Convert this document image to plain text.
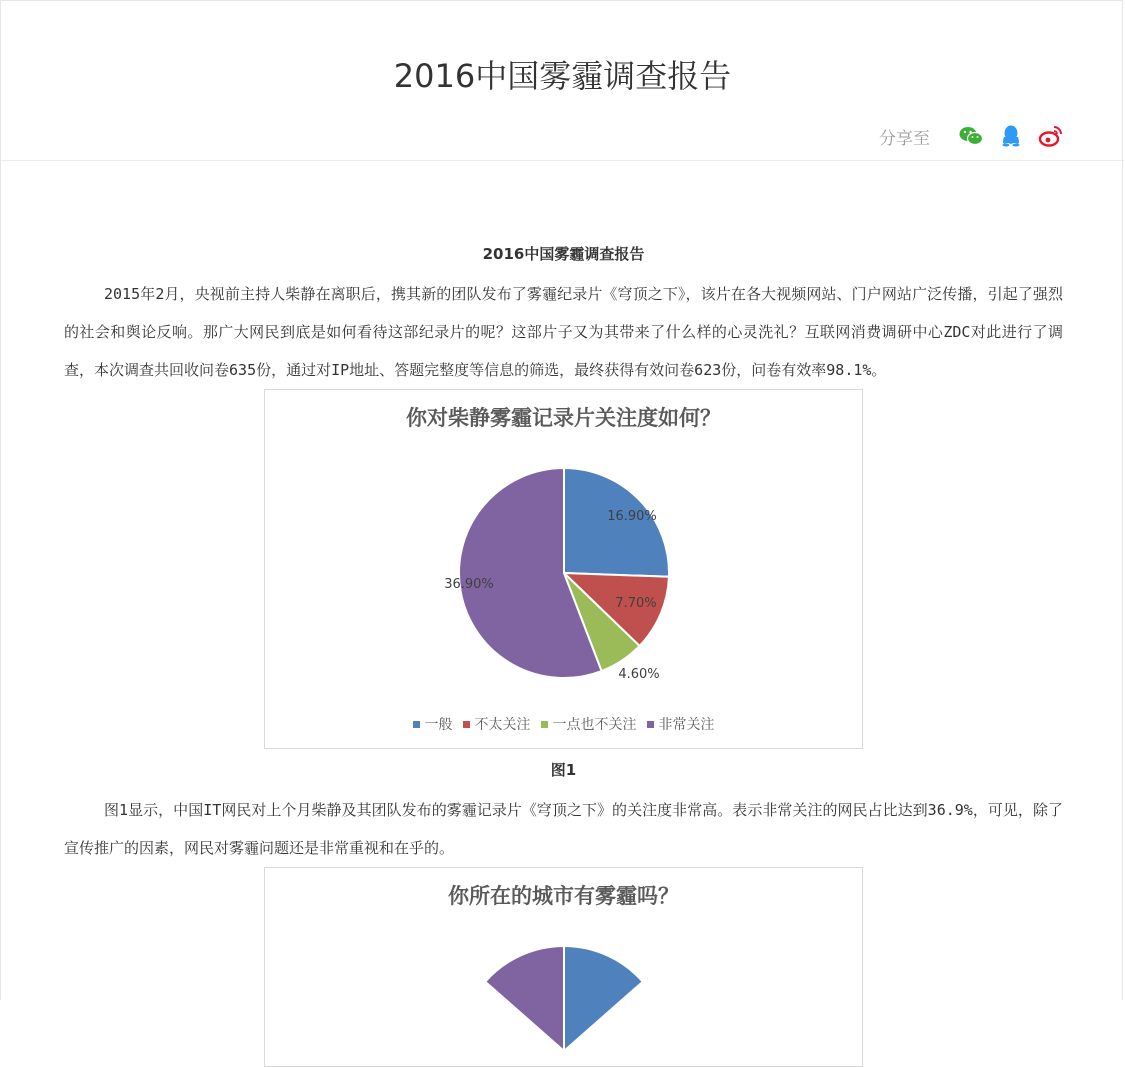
2016中国雾霾调查报告
分享至
2016中国雾霾调查报告

2015年2月，央视前主持人柴静在离职后，携其新的团队发布了雾霾纪录片《穹顶之下》，该片在各大视频网站、门户网站广泛传播，引起了强烈的社会和舆论反响。那广大网民到底是如何看待这部纪录片的呢？这部片子又为其带来了什么样的心灵洗礼？互联网消费调研中心ZDC对此进行了调查，本次调查共回收问卷635份，通过对IP地址、答题完整度等信息的筛选，最终获得有效问卷623份，问卷有效率98.1%。

你对柴静雾霾记录片关注度如何？
16.90%
7.70%
4.60%
36.90%
一般 不太关注 一点也不关注 非常关注
图1

图1显示，中国IT网民对上个月柴静及其团队发布的雾霾记录片《穹顶之下》的关注度非常高。表示非常关注的网民占比达到36.9%，可见，除了宣传推广的因素，网民对雾霾问题还是非常重视和在乎的。

你所在的城市有雾霾吗？
